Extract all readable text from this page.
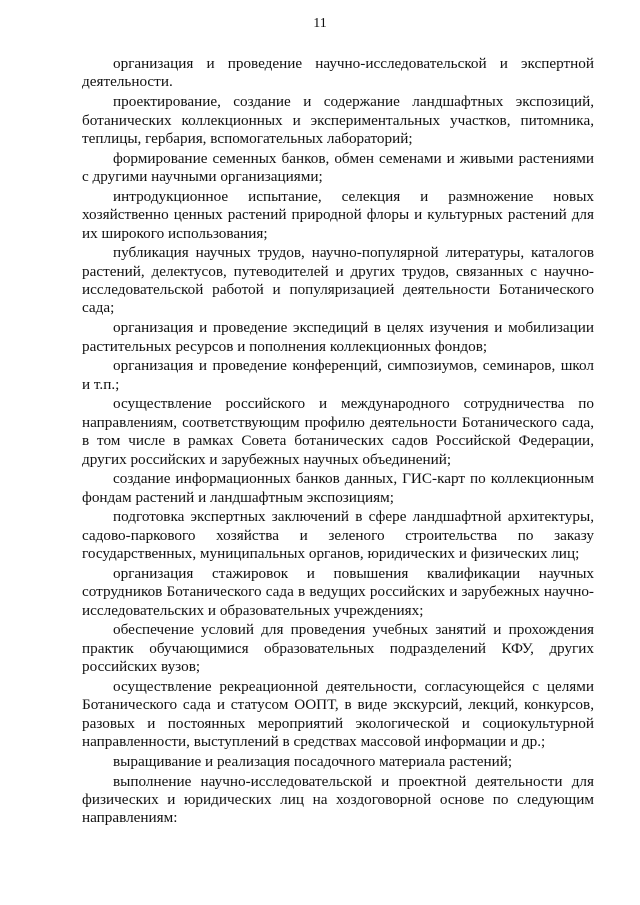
11

организация и проведение научно-исследовательской и экспертной деятельности.

проектирование, создание и содержание ландшафтных экспозиций, ботанических коллекционных и экспериментальных участков, питомника, теплицы, гербария, вспомогательных лабораторий;

формирование семенных банков, обмен семенами и живыми растениями с другими научными организациями;

интродукционное испытание, селекция и размножение новых хозяйственно ценных растений природной флоры и культурных растений для их широкого использования;

публикация научных трудов, научно-популярной литературы, каталогов растений, делектусов, путеводителей и других трудов, связанных с научно-исследовательской работой и популяризацией деятельности Ботанического сада;

организация и проведение экспедиций в целях изучения и мобилизации растительных ресурсов и пополнения коллекционных фондов;

организация и проведение конференций, симпозиумов, семинаров, школ и т.п.;

осуществление российского и международного сотрудничества по направлениям, соответствующим профилю деятельности Ботанического сада, в том числе в рамках Совета ботанических садов Российской Федерации, других российских и зарубежных научных объединений;

создание информационных банков данных, ГИС-карт по коллекционным фондам растений и ландшафтным экспозициям;

подготовка экспертных заключений в сфере ландшафтной архитектуры, садово-паркового хозяйства и зеленого строительства по заказу государственных, муниципальных органов, юридических и физических лиц;

организация стажировок и повышения квалификации научных сотрудников Ботанического сада в ведущих российских и зарубежных научно-исследовательских и образовательных учреждениях;

обеспечение условий для проведения учебных занятий и прохождения практик обучающимися образовательных подразделений КФУ, других российских вузов;

осуществление рекреационной деятельности, согласующейся с целями Ботанического сада и статусом ООПТ, в виде экскурсий, лекций, конкурсов, разовых и постоянных мероприятий экологической и социокультурной направленности, выступлений в средствах массовой информации и др.;

выращивание и реализация посадочного материала растений;

выполнение научно-исследовательской и проектной деятельности для физических и юридических лиц на хоздоговорной основе по следующим направлениям:
